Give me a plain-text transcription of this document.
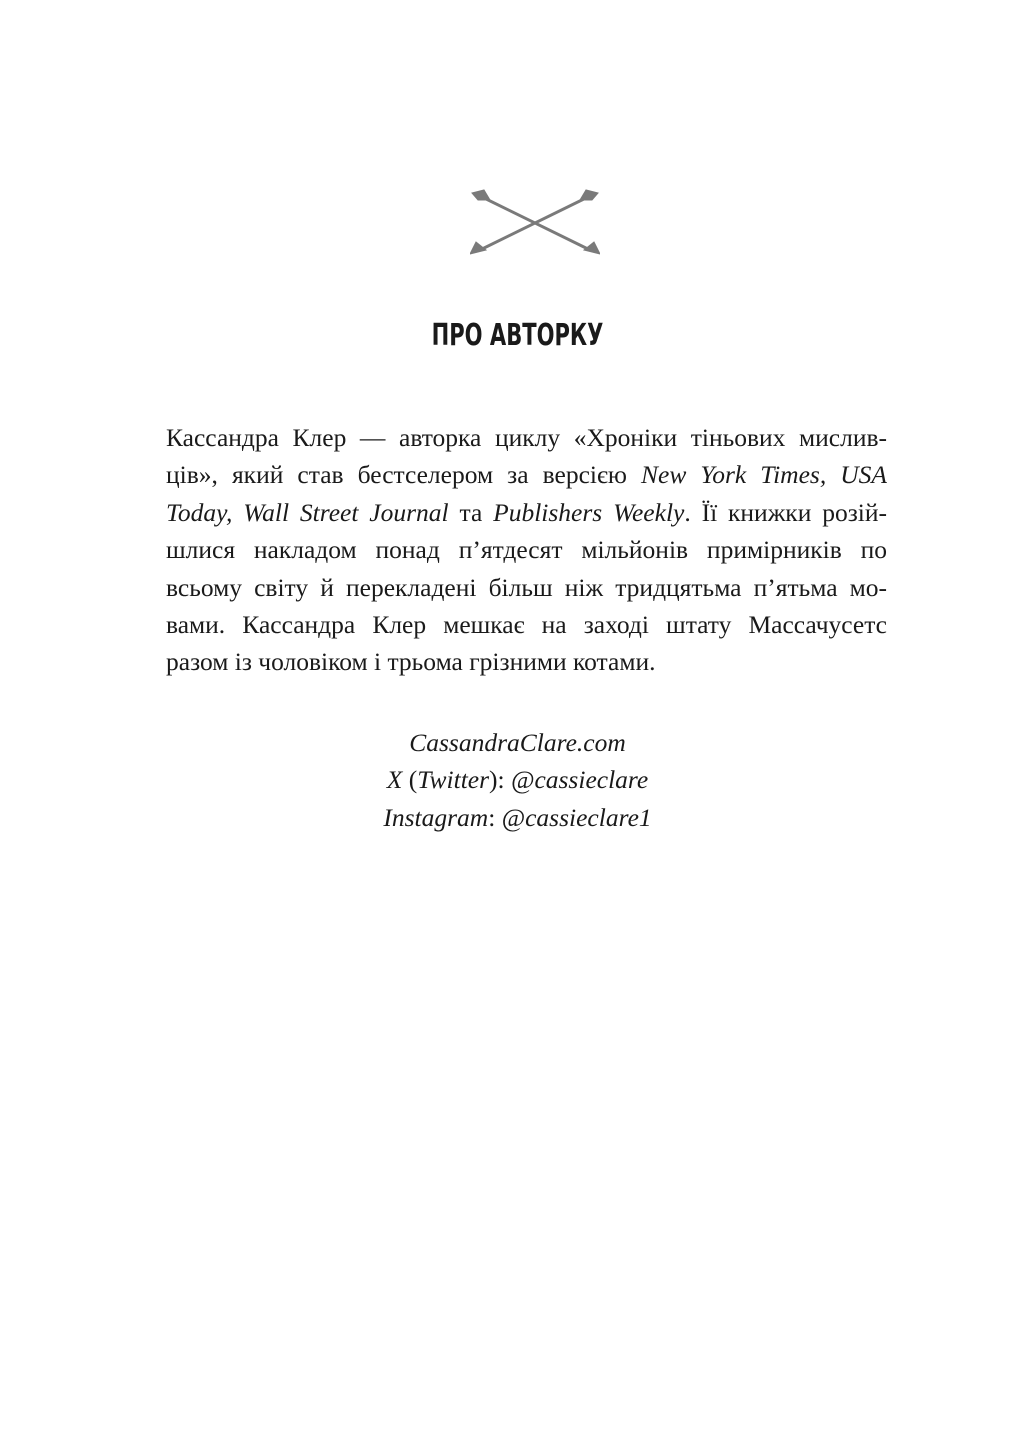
ПРО АВТОРКУ
Кассандра Клер — авторка циклу «Хроніки тіньових мислив-
ців», який став бестселером за версією New York Times, USA
Today, Wall Street Journal та Publishers Weekly. Її книжки розій-
шлися накладом понад п’ятдесят мільйонів примірників по
всьому світу й перекладені більш ніж тридцятьма п’ятьма мо-
вами. Кассандра Клер мешкає на заході штату Массачусетс
разом із чоловіком і трьома грізними котами.
CassandraClare.com
X (Twitter): @cassieclare
Instagram: @cassieclare1
